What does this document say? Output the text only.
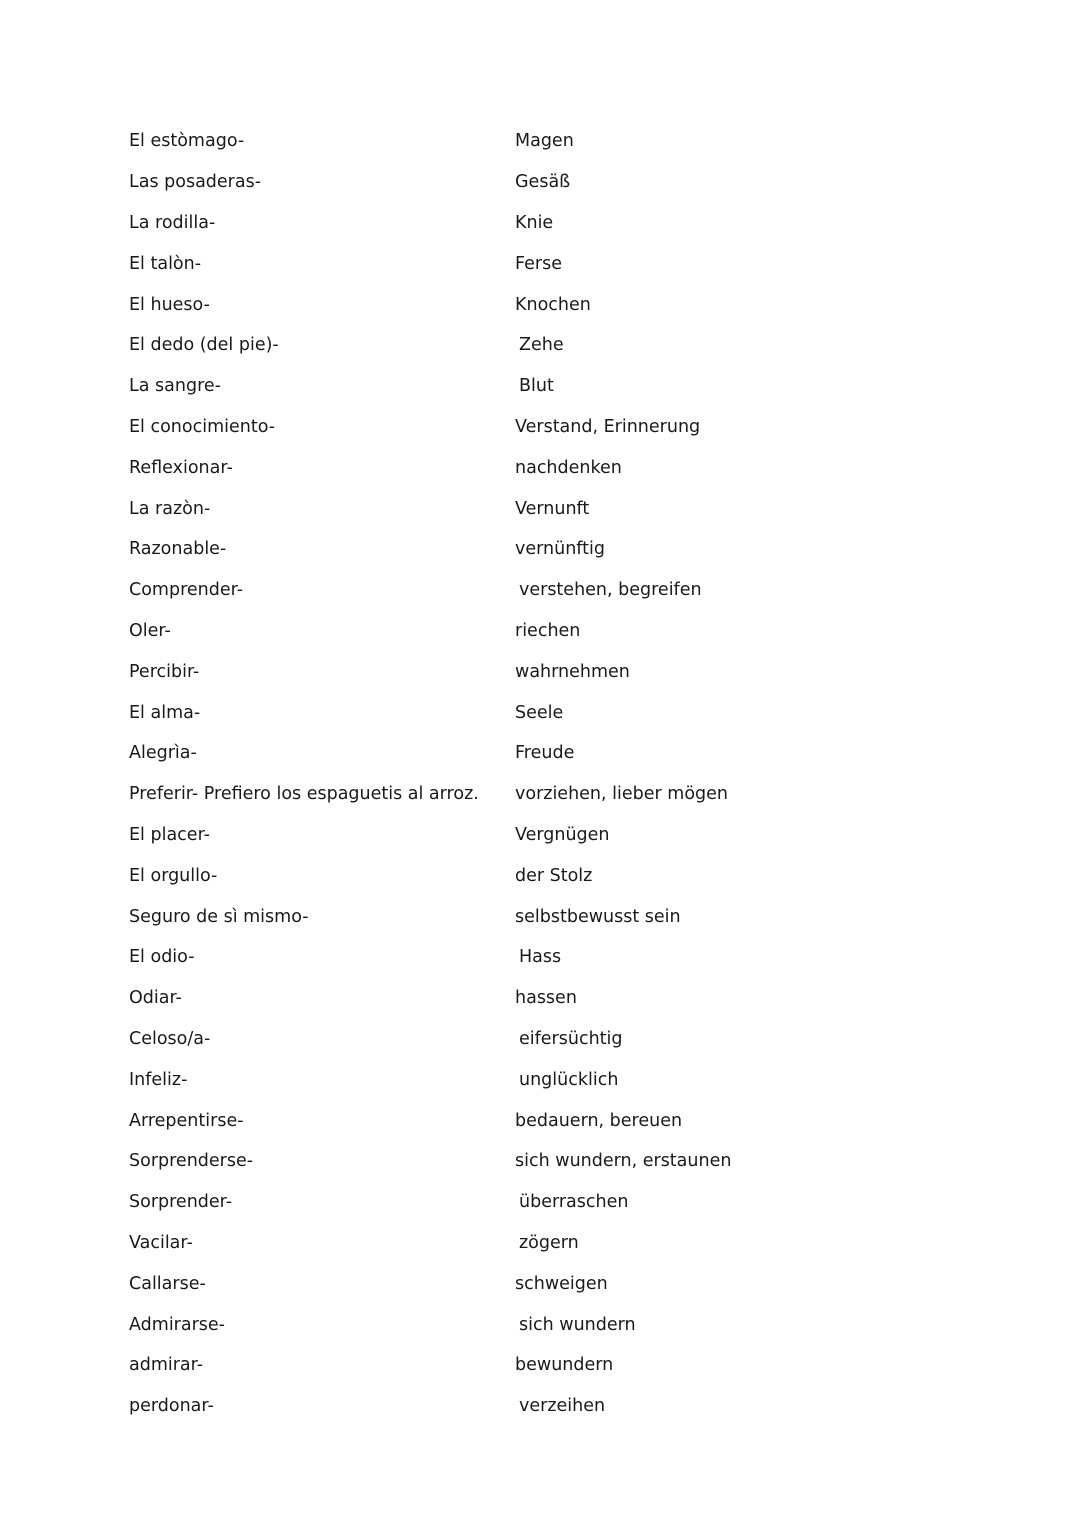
El estòmago-	Magen
Las posaderas-	Gesäß
La rodilla-	Knie
El talòn-	Ferse
El hueso-	Knochen
El dedo (del pie)-	Zehe
La sangre-	Blut
El conocimiento-	Verstand, Erinnerung
Reflexionar-	nachdenken
La razòn-	Vernunft
Razonable-	vernünftig
Comprender-	verstehen, begreifen
Oler-	riechen
Percibir-	wahrnehmen
El alma-	Seele
Alegrìa-	Freude
Preferir- Prefiero los espaguetis al arroz.	vorziehen, lieber mögen
El placer-	Vergnügen
El orgullo-	der Stolz
Seguro de sì mismo-	selbstbewusst sein
El odio-	Hass
Odiar-	hassen
Celoso/a-	eifersüchtig
Infeliz-	unglücklich
Arrepentirse-	bedauern, bereuen
Sorprenderse-	sich wundern, erstaunen
Sorprender-	überraschen
Vacilar-	zögern
Callarse-	schweigen
Admirarse-	sich wundern
admirar-	bewundern
perdonar-	verzeihen
